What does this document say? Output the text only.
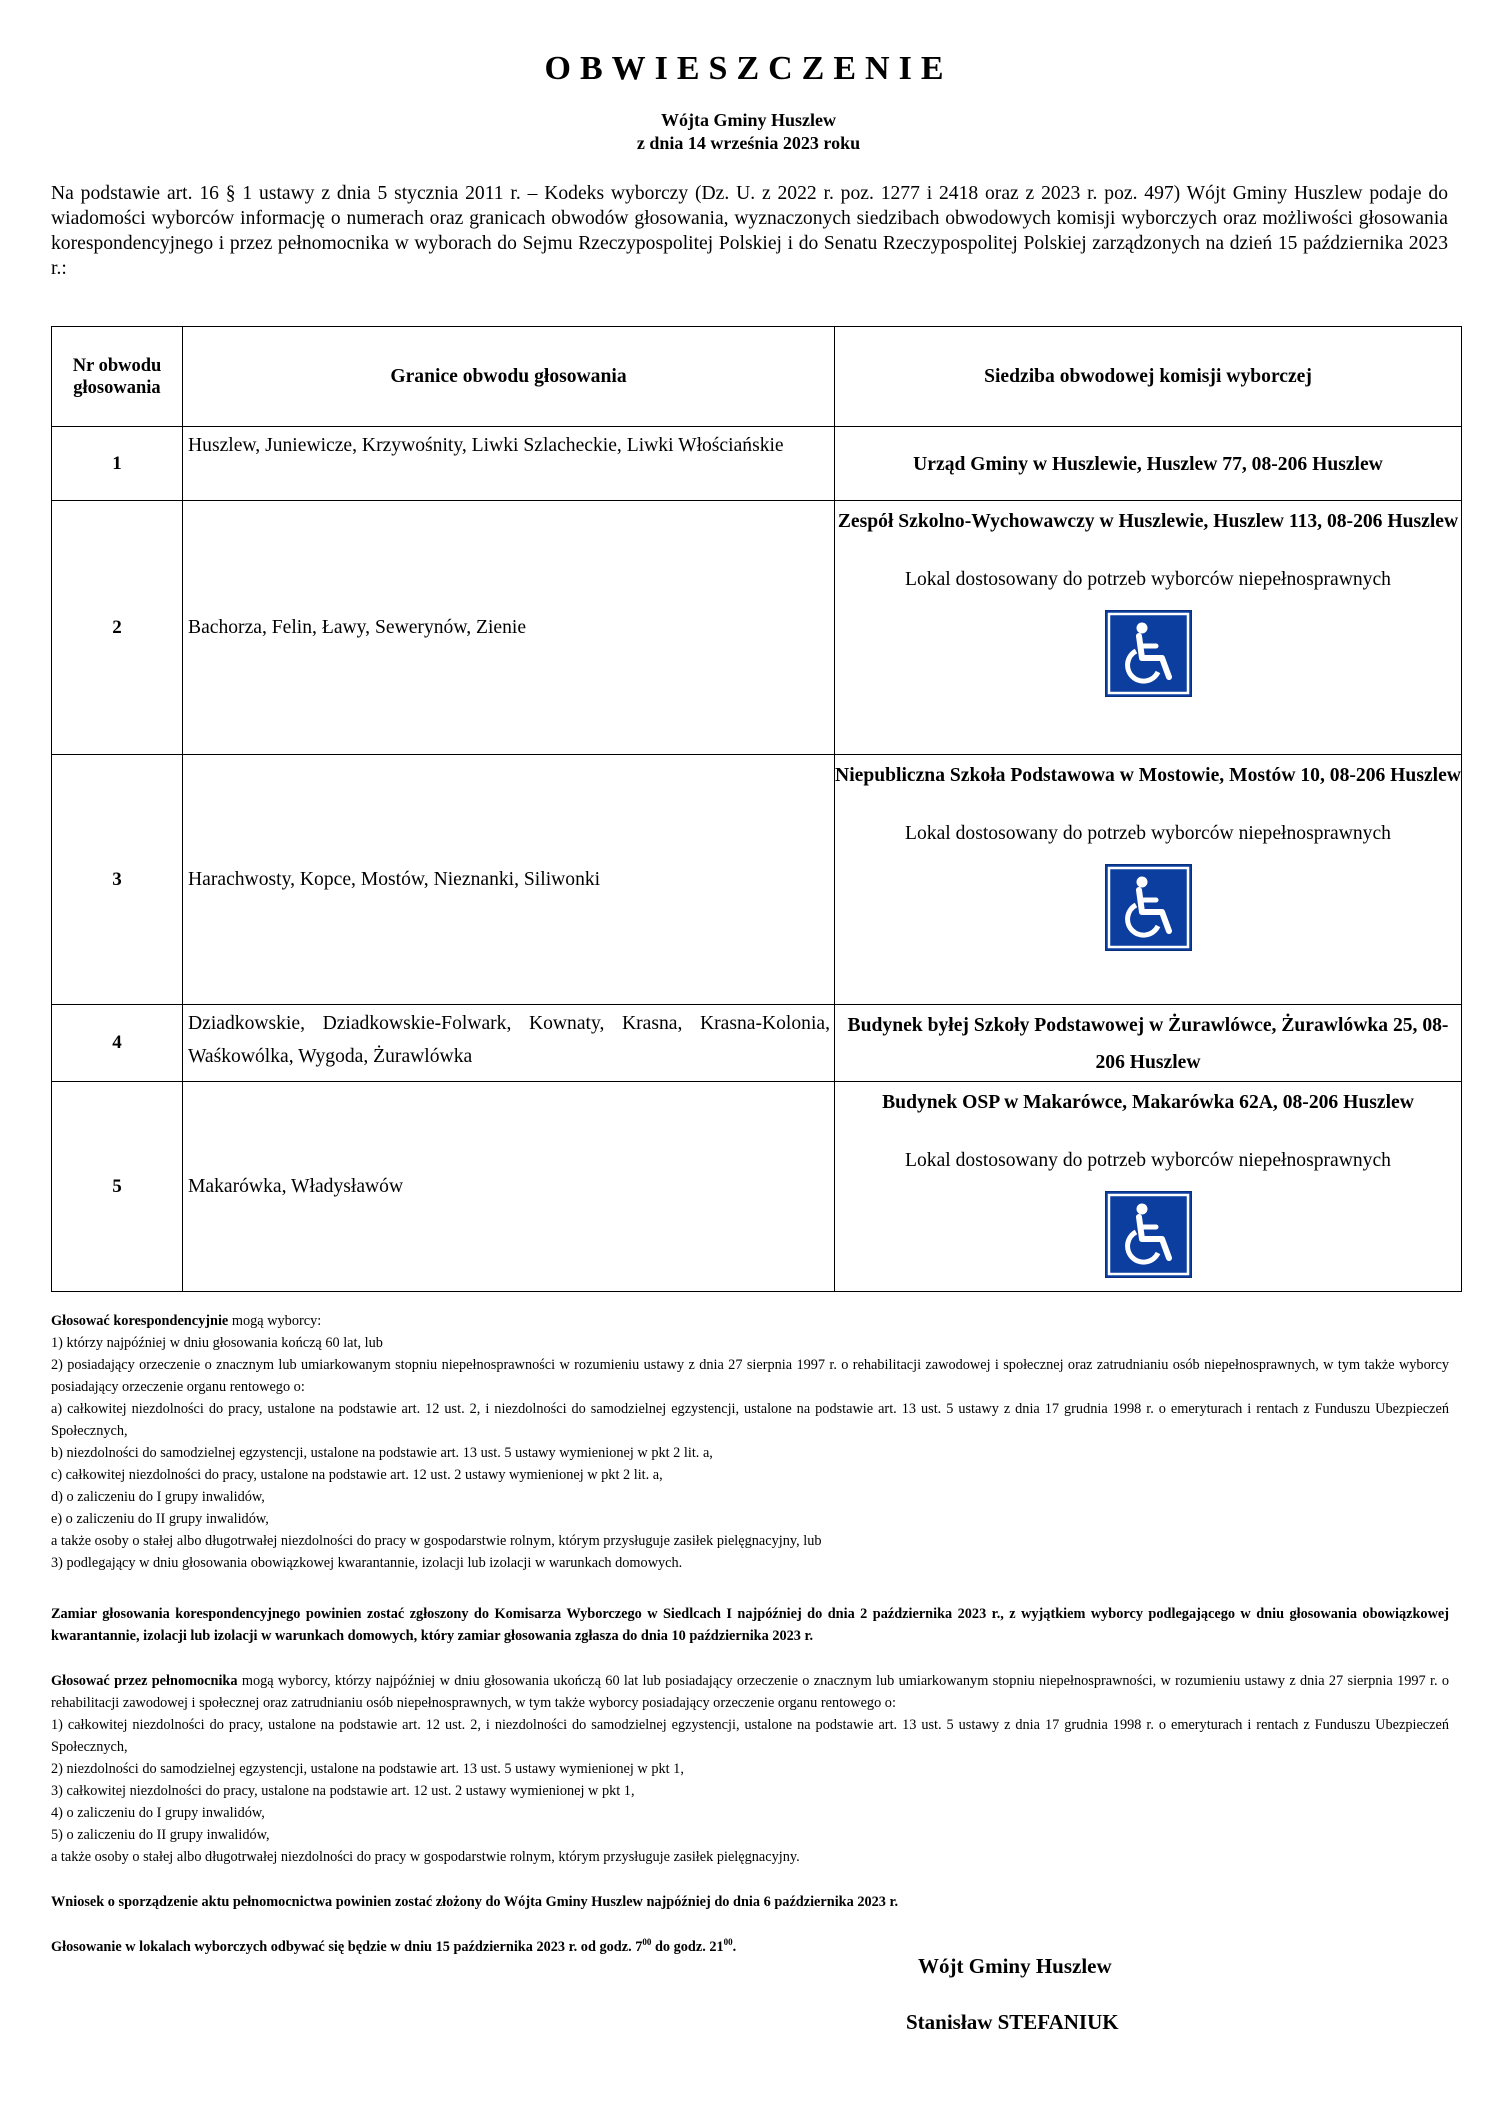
OBWIESZCZENIE
Wójta Gminy Huszlew
z dnia 14 września 2023 roku
Na podstawie art. 16 § 1 ustawy z dnia 5 stycznia 2011 r. – Kodeks wyborczy (Dz. U. z 2022 r. poz. 1277 i 2418 oraz z 2023 r. poz. 497) Wójt Gminy Huszlew podaje do wiadomości wyborców informację o numerach oraz granicach obwodów głosowania, wyznaczonych siedzibach obwodowych komisji wyborczych oraz możliwości głosowania korespondencyjnego i przez pełnomocnika w wyborach do Sejmu Rzeczypospolitej Polskiej i do Senatu Rzeczypospolitej Polskiej zarządzonych na dzień 15 października 2023 r.:
Nr obwodu
głosowania	Granice obwodu głosowania	Siedziba obwodowej komisji wyborczej
1	Huszlew, Juniewicze, Krzywośnity, Liwki Szlacheckie, Liwki Włościańskie	Urząd Gminy w Huszlewie, Huszlew 77, 08-206 Huszlew

2	Bachorza, Felin, Ławy, Sewerynów, Zienie	Zespół Szkolno-Wychowawczy w Huszlewie, Huszlew 113, 08-206 Huszlew
Lokal dostosowany do potrzeb wyborców niepełnosprawnych

3	Harachwosty, Kopce, Mostów, Nieznanki, Siliwonki	Niepubliczna Szkoła Podstawowa w Mostowie, Mostów 10, 08-206 Huszlew
Lokal dostosowany do potrzeb wyborców niepełnosprawnych

4	Dziadkowskie, Dziadkowskie-Folwark, Kownaty, Krasna, Krasna-Kolonia, Waśkowólka, Wygoda, Żurawlówka	Budynek byłej Szkoły Podstawowej w Żurawlówce, Żurawlówka 25, 08-206 Huszlew

5	Makarówka, Władysławów	Budynek OSP w Makarówce, Makarówka 62A, 08-206 Huszlew
Lokal dostosowany do potrzeb wyborców niepełnosprawnych

Głosować korespondencyjnie mogą wyborcy:

1) którzy najpóźniej w dniu głosowania kończą 60 lat, lub

2) posiadający orzeczenie o znacznym lub umiarkowanym stopniu niepełnosprawności w rozumieniu ustawy z dnia 27 sierpnia 1997 r. o rehabilitacji zawodowej i społecznej oraz zatrudnianiu osób niepełnosprawnych, w tym także wyborcy posiadający orzeczenie organu rentowego o:

a) całkowitej niezdolności do pracy, ustalone na podstawie art. 12 ust. 2, i niezdolności do samodzielnej egzystencji, ustalone na podstawie art. 13 ust. 5 ustawy z dnia 17 grudnia 1998 r. o emeryturach i rentach z Funduszu Ubezpieczeń Społecznych,

b) niezdolności do samodzielnej egzystencji, ustalone na podstawie art. 13 ust. 5 ustawy wymienionej w pkt 2 lit. a,

c) całkowitej niezdolności do pracy, ustalone na podstawie art. 12 ust. 2 ustawy wymienionej w pkt 2 lit. a,

d) o zaliczeniu do I grupy inwalidów,

e) o zaliczeniu do II grupy inwalidów,

a także osoby o stałej albo długotrwałej niezdolności do pracy w gospodarstwie rolnym, którym przysługuje zasiłek pielęgnacyjny, lub

3) podlegający w dniu głosowania obowiązkowej kwarantannie, izolacji lub izolacji w warunkach domowych.

Zamiar głosowania korespondencyjnego powinien zostać zgłoszony do Komisarza Wyborczego w Siedlcach I najpóźniej do dnia 2 października 2023 r., z wyjątkiem wyborcy podlegającego w dniu głosowania obowiązkowej kwarantannie, izolacji lub izolacji w warunkach domowych, który zamiar głosowania zgłasza do dnia 10 października 2023 r.

Głosować przez pełnomocnika mogą wyborcy, którzy najpóźniej w dniu głosowania ukończą 60 lat lub posiadający orzeczenie o znacznym lub umiarkowanym stopniu niepełnosprawności, w rozumieniu ustawy z dnia 27 sierpnia 1997 r. o rehabilitacji zawodowej i społecznej oraz zatrudnianiu osób niepełnosprawnych, w tym także wyborcy posiadający orzeczenie organu rentowego o:

1) całkowitej niezdolności do pracy, ustalone na podstawie art. 12 ust. 2, i niezdolności do samodzielnej egzystencji, ustalone na podstawie art. 13 ust. 5 ustawy z dnia 17 grudnia 1998 r. o emeryturach i rentach z Funduszu Ubezpieczeń Społecznych,

2) niezdolności do samodzielnej egzystencji, ustalone na podstawie art. 13 ust. 5 ustawy wymienionej w pkt 1,

3) całkowitej niezdolności do pracy, ustalone na podstawie art. 12 ust. 2 ustawy wymienionej w pkt 1,

4) o zaliczeniu do I grupy inwalidów,

5) o zaliczeniu do II grupy inwalidów,

a także osoby o stałej albo długotrwałej niezdolności do pracy w gospodarstwie rolnym, którym przysługuje zasiłek pielęgnacyjny.

Wniosek o sporządzenie aktu pełnomocnictwa powinien zostać złożony do Wójta Gminy Huszlew najpóźniej do dnia 6 października 2023 r.
Głosowanie w lokalach wyborczych odbywać się będzie w dniu 15 października 2023 r. od godz. $7^{00}$ do godz. $21^{00}$.
Wójt Gminy Huszlew
Stanisław STEFANIUK
